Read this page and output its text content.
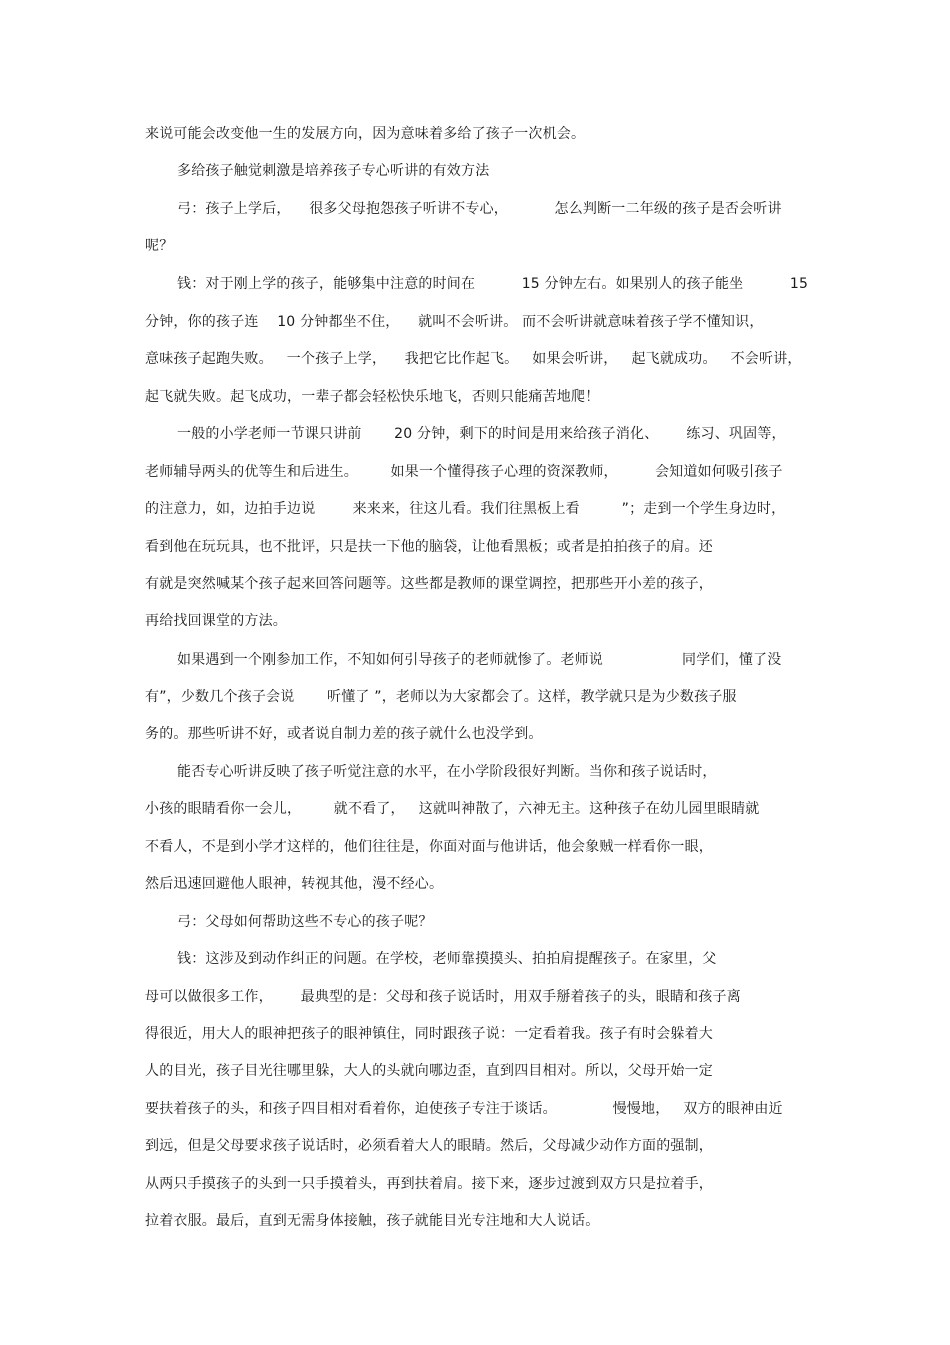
来说可能会改变他一生的发展方向，因为意味着多给了孩子一次机会。
多给孩子触觉刺激是培养孩子专心听讲的有效方法
弓：孩子上学后，    很多父母抱怨孩子听讲不专心，          怎么判断一二年级的孩子是否会听讲
呢？
钱：对于刚上学的孩子，能够集中注意的时间在          15 分钟左右。如果别人的孩子能坐          15
分钟，你的孩子连    10 分钟都坐不住，    就叫不会听讲。 而不会听讲就意味着孩子学不懂知识，
意味孩子起跑失败。   一个孩子上学，    我把它比作起飞。   如果会听讲，   起飞就成功。   不会听讲，
起飞就失败。起飞成功，一辈子都会轻松快乐地飞，否则只能痛苦地爬！
一般的小学老师一节课只讲前       20 分钟，剩下的时间是用来给孩子消化、      练习、巩固等，
老师辅导两头的优等生和后进生。       如果一个懂得孩子心理的资深教师，        会知道如何吸引孩子
的注意力，如，边拍手边说        来来来，往这儿看。我们往黑板上看         ”；走到一个学生身边时，
看到他在玩玩具，也不批评，只是扶一下他的脑袋，让他看黑板；或者是拍拍孩子的肩。还
有就是突然喊某个孩子起来回答问题等。这些都是教师的课堂调控，把那些开小差的孩子，
再给找回课堂的方法。
如果遇到一个刚参加工作，不知如何引导孩子的老师就惨了。老师说                 同学们，懂了没
有”，少数几个孩子会说       听懂了 ”，老师以为大家都会了。这样，教学就只是为少数孩子服
务的。那些听讲不好，或者说自制力差的孩子就什么也没学到。
能否专心听讲反映了孩子听觉注意的水平，在小学阶段很好判断。当你和孩子说话时，
小孩的眼睛看你一会儿，       就不看了，   这就叫神散了，六神无主。这种孩子在幼儿园里眼睛就
不看人，不是到小学才这样的，他们往往是，你面对面与他讲话，他会象贼一样看你一眼，
然后迅速回避他人眼神，转视其他，漫不经心。
弓：父母如何帮助这些不专心的孩子呢？
钱：这涉及到动作纠正的问题。在学校，老师靠摸摸头、拍拍肩提醒孩子。在家里，父
母可以做很多工作，      最典型的是：父母和孩子说话时，用双手掰着孩子的头，眼睛和孩子离
得很近，用大人的眼神把孩子的眼神镇住，同时跟孩子说：一定看着我。孩子有时会躲着大
人的目光，孩子目光往哪里躲，大人的头就向哪边歪，直到四目相对。所以，父母开始一定
要扶着孩子的头，和孩子四目相对看着你，迫使孩子专注于谈话。            慢慢地，   双方的眼神由近
到远，但是父母要求孩子说话时，必须看着大人的眼睛。然后，父母减少动作方面的强制，
从两只手摸孩子的头到一只手摸着头，再到扶着肩。接下来，逐步过渡到双方只是拉着手，
拉着衣服。最后，直到无需身体接触，孩子就能目光专注地和大人说话。
